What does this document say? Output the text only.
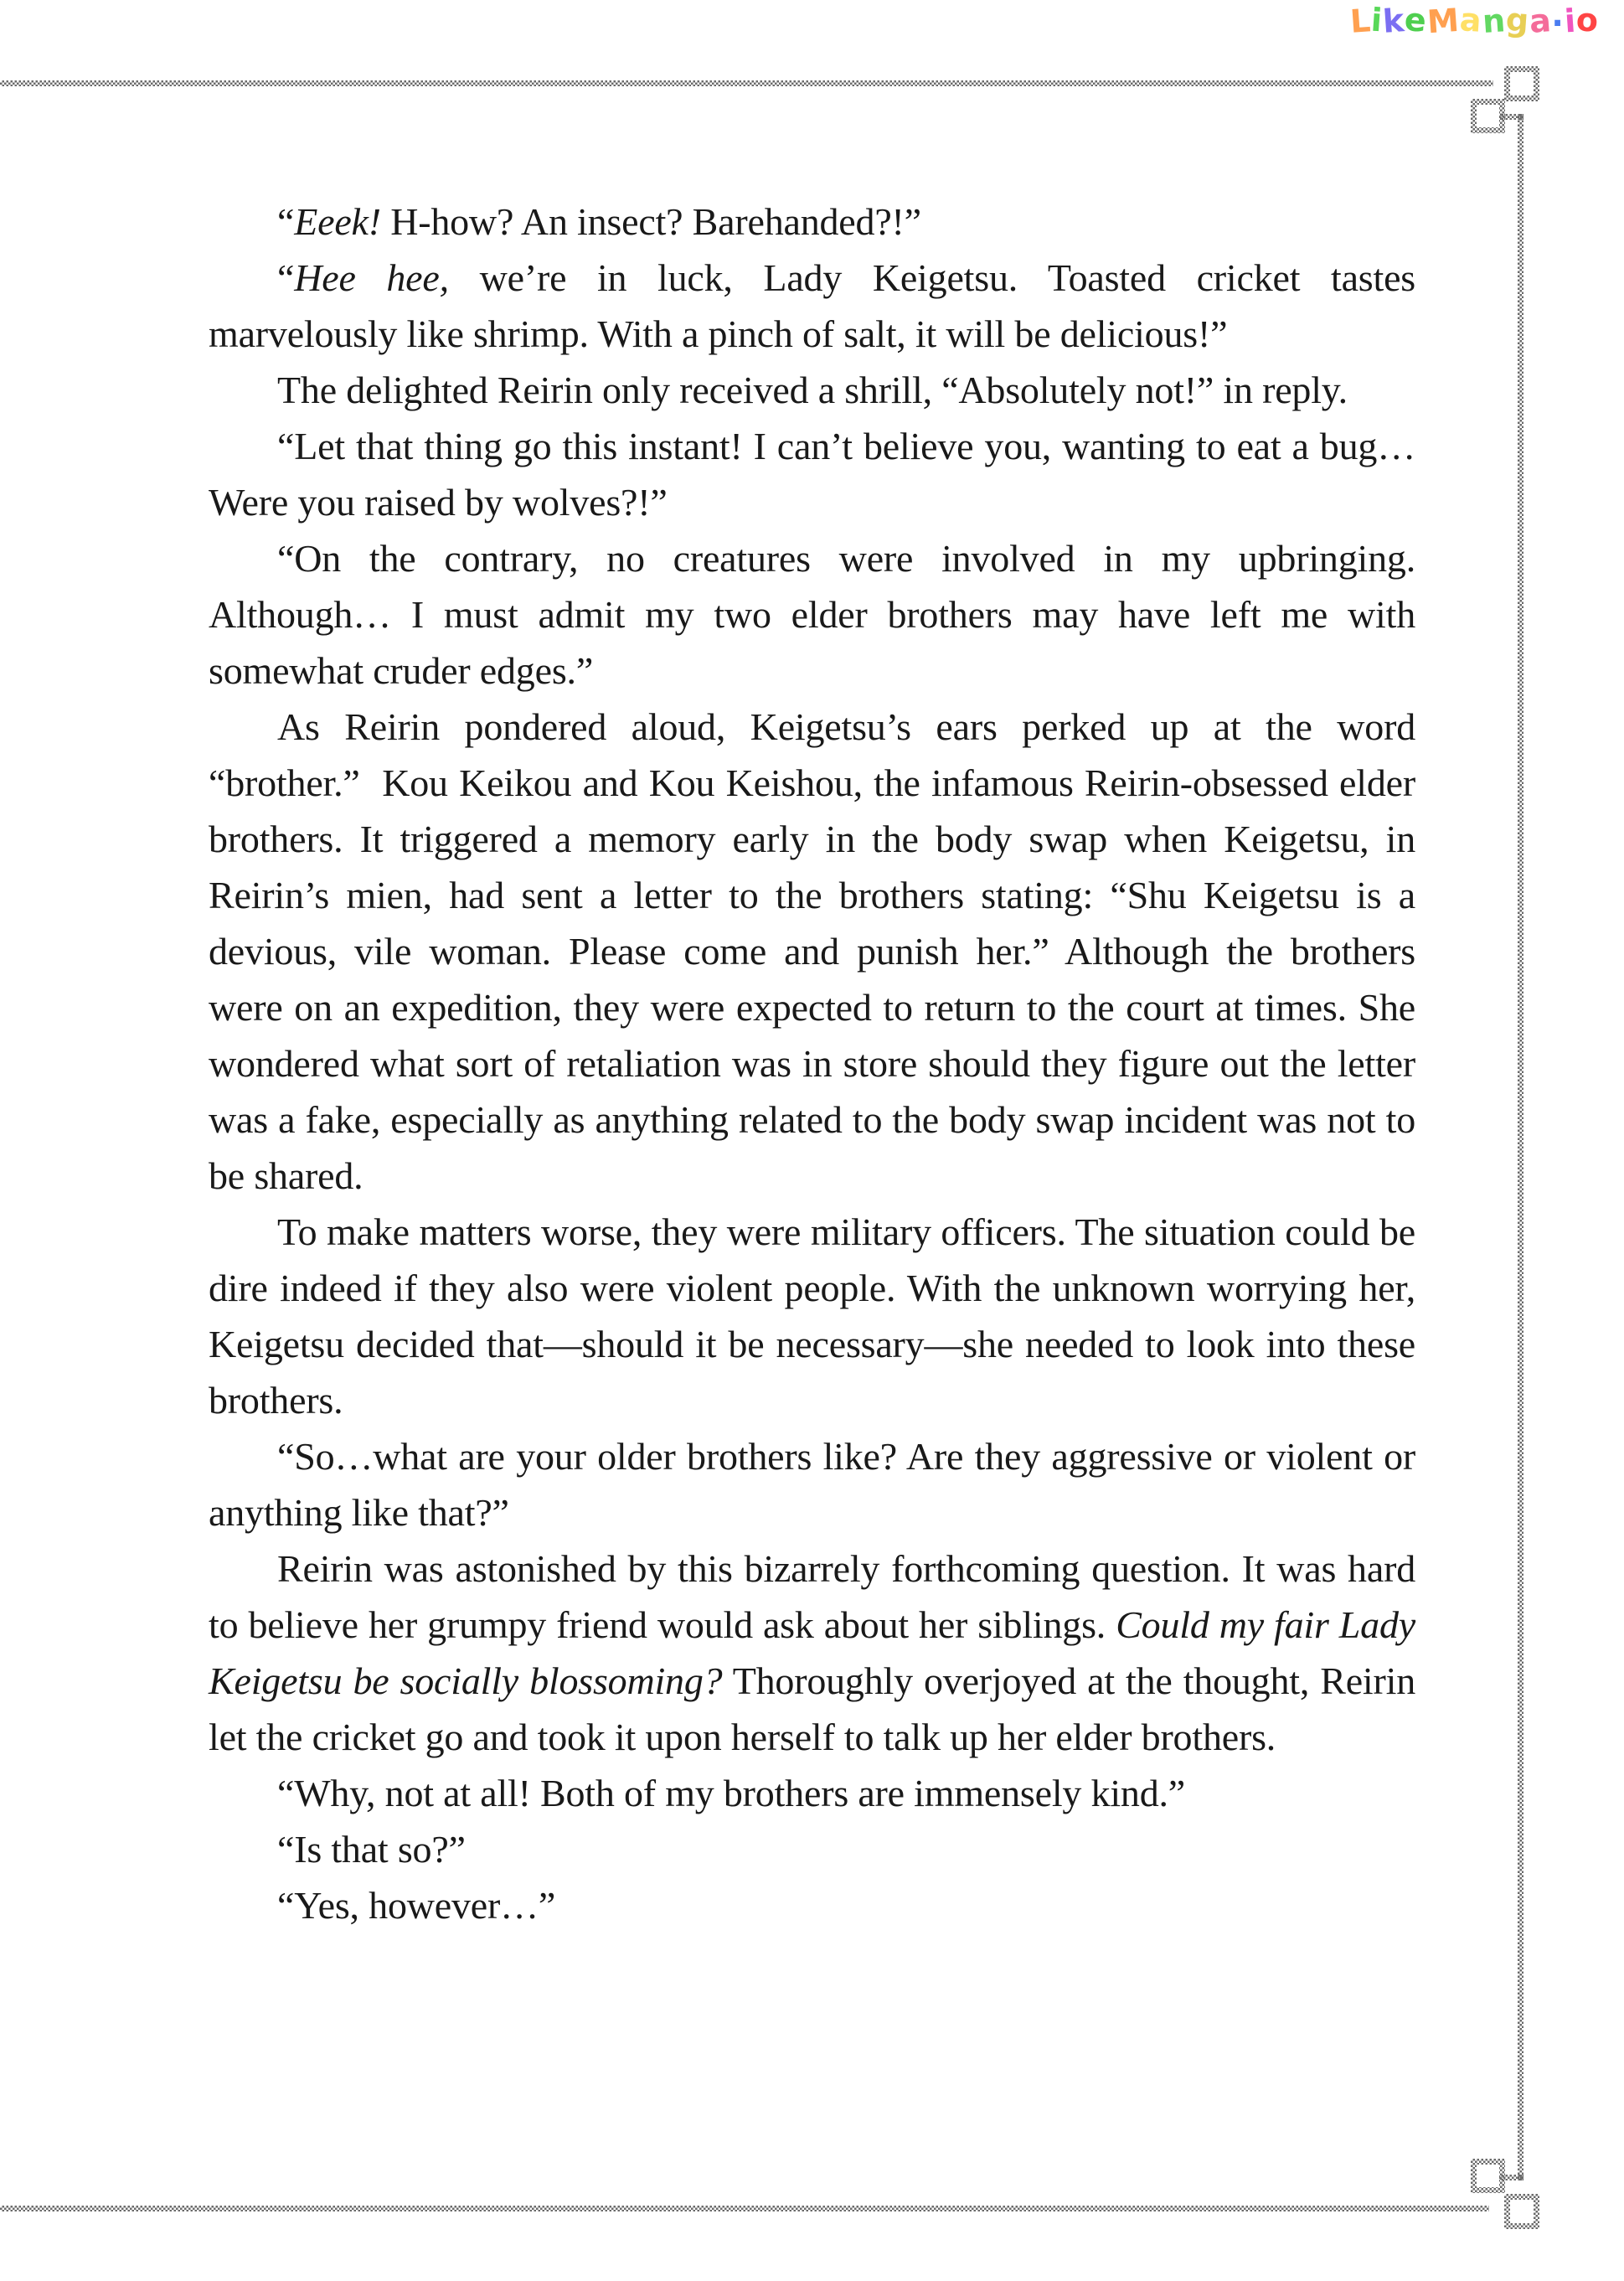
LikeManga.io

“Eeek! H-how? An insect? Barehanded?!”

“Hee hee, we’re in luck, Lady Keigetsu. Toasted cricket tastes marvelously like shrimp. With a pinch of salt, it will be delicious!”

The delighted Reirin only received a shrill, “Absolutely not!” in reply.

“Let that thing go this instant! I can’t believe you, wanting to eat a bug… Were you raised by wolves?!”

“On the contrary, no creatures were involved in my upbringing. Although… I must admit my two elder brothers may have left me with somewhat cruder edges.”

As Reirin pondered aloud, Keigetsu’s ears perked up at the word “brother.”  Kou Keikou and Kou Keishou, the infamous Reirin-obsessed elder brothers. It triggered a memory early in the body swap when Keigetsu, in Reirin’s mien, had sent a letter to the brothers stating: “Shu Keigetsu is a devious, vile woman. Please come and punish her.” Although the brothers were on an expedition, they were expected to return to the court at times. She wondered what sort of retaliation was in store should they figure out the letter was a fake, especially as anything related to the body swap incident was not to be shared.

To make matters worse, they were military officers. The situation could be dire indeed if they also were violent people. With the unknown worrying her, Keigetsu decided that—should it be necessary—she needed to look into these brothers.

“So…what are your older brothers like? Are they aggressive or violent or anything like that?”

Reirin was astonished by this bizarrely forthcoming question. It was hard to believe her grumpy friend would ask about her siblings. Could my fair Lady Keigetsu be socially blossoming? Thoroughly overjoyed at the thought, Reirin let the cricket go and took it upon herself to talk up her elder brothers.

“Why, not at all! Both of my brothers are immensely kind.”

“Is that so?”

“Yes, however…”
